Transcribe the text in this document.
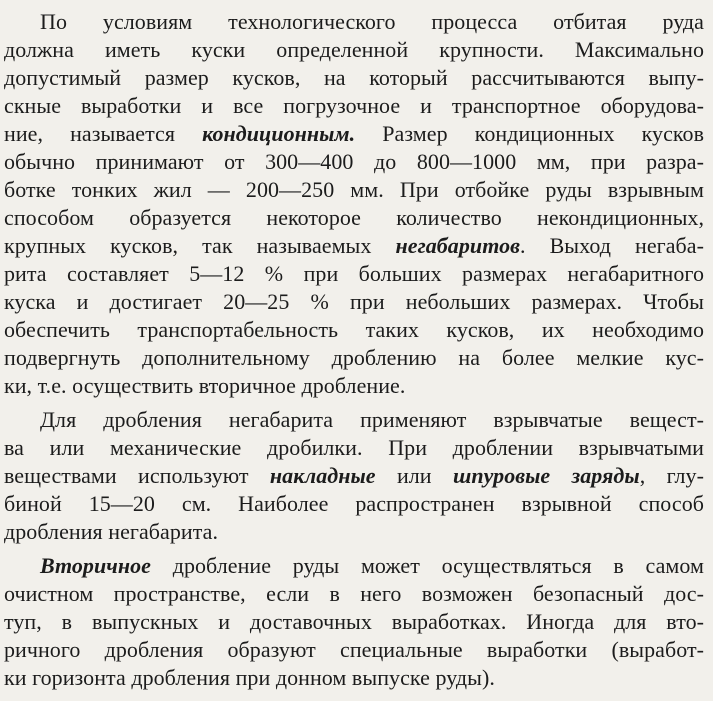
По условиям технологического процесса отбитая руда
должна иметь куски определенной крупности. Максимально
допустимый размер кусков, на который рассчитываются выпу-
скные выработки и все погрузочное и транспортное оборудова-
ние, называется кондиционным. Размер кондиционных кусков
обычно принимают от 300—400 до 800—1000 мм, при разра-
ботке тонких жил — 200—250 мм. При отбойке руды взрывным
способом образуется некоторое количество некондиционных,
крупных кусков, так называемых негабаритов. Выход негаба-
рита составляет 5—12 % при больших размерах негабаритного
куска и достигает 20—25 % при небольших размерах. Чтобы
обеспечить транспортабельность таких кусков, их необходимо
подвергнуть дополнительному дроблению на более мелкие кус-
ки, т.е. осуществить вторичное дробление.
Для дробления негабарита применяют взрывчатые вещест-
ва или механические дробилки. При дроблении взрывчатыми
веществами используют накладные или шпуровые заряды, глу-
биной 15—20 см. Наиболее распространен взрывной способ
дробления негабарита.
Вторичное дробление руды может осуществляться в самом
очистном пространстве, если в него возможен безопасный дос-
туп, в выпускных и доставочных выработках. Иногда для вто-
ричного дробления образуют специальные выработки (выработ-
ки горизонта дробления при донном выпуске руды).
